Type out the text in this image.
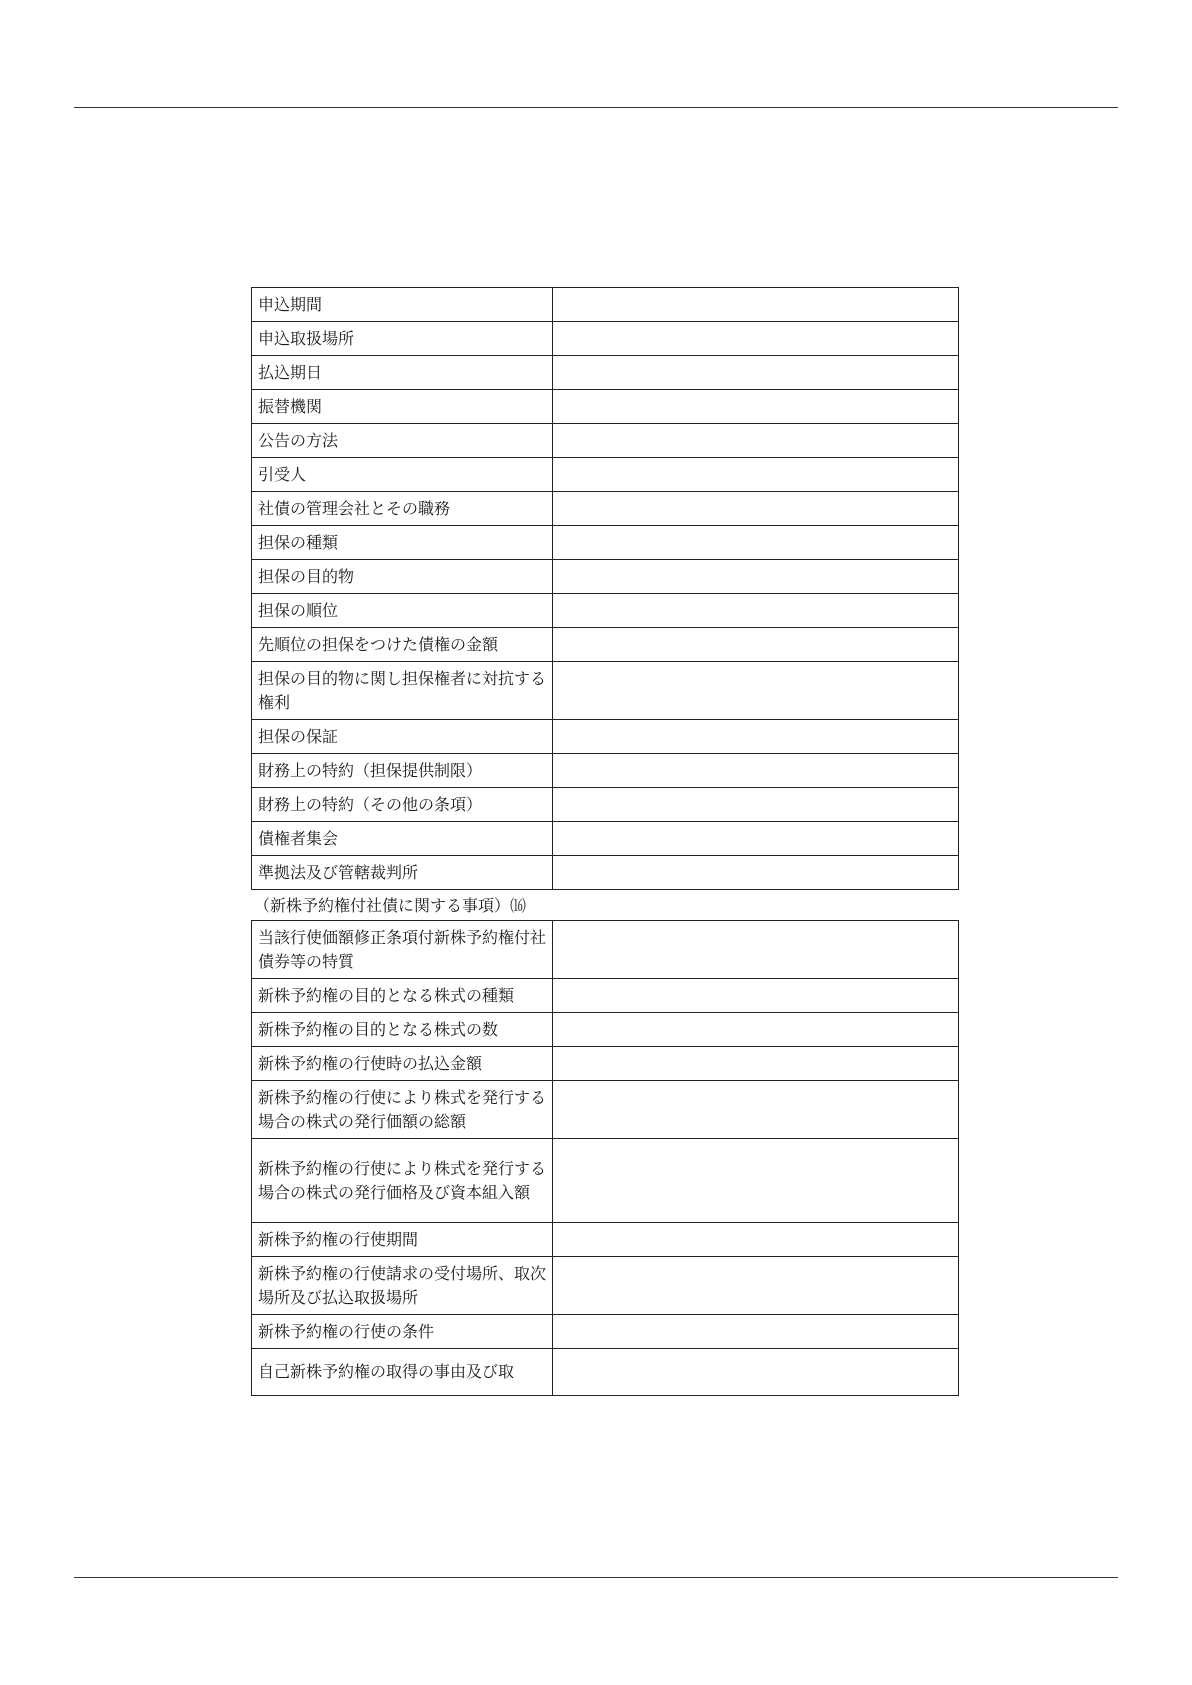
申込期間	
申込取扱場所	
払込期日	
振替機関	
公告の方法	
引受人	
社債の管理会社とその職務	
担保の種類	
担保の目的物	
担保の順位	
先順位の担保をつけた債権の金額	
担保の目的物に関し担保権者に対抗する権利	
担保の保証	
財務上の特約（担保提供制限）	
財務上の特約（その他の条項）	
債権者集会	
準拠法及び管轄裁判所	
（新株予約権付社債に関する事項）⒃
当該行使価額修正条項付新株予約権付社債券等の特質	
新株予約権の目的となる株式の種類	
新株予約権の目的となる株式の数	
新株予約権の行使時の払込金額	
新株予約権の行使により株式を発行する場合の株式の発行価額の総額	
新株予約権の行使により株式を発行する場合の株式の発行価格及び資本組入額	
新株予約権の行使期間	
新株予約権の行使請求の受付場所、取次場所及び払込取扱場所	
新株予約権の行使の条件	
自己新株予約権の取得の事由及び取	
